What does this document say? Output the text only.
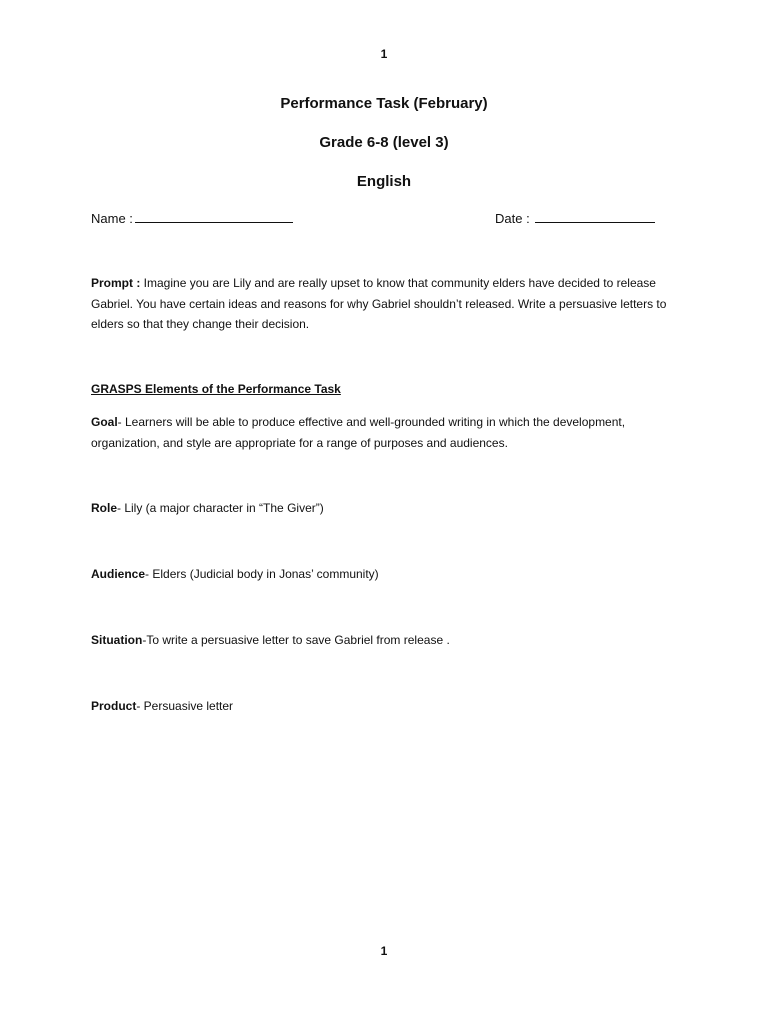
1
Performance Task (February)
Grade 6-8 (level 3)
English
Name :	Date :
Prompt : Imagine you are Lily and are really upset to know that community elders have decided to release Gabriel. You have certain ideas and reasons for why Gabriel shouldn’t released. Write a persuasive letters to elders so that they change their decision.
GRASPS Elements of the Performance Task
Goal- Learners will be able to produce effective and well-grounded writing in which the development, organization, and style are appropriate for a range of purposes and audiences.
Role- Lily (a major character in “The Giver”)
Audience- Elders (Judicial body in Jonas’ community)
Situation-To write a persuasive letter to save Gabriel from release .
Product- Persuasive letter
1
